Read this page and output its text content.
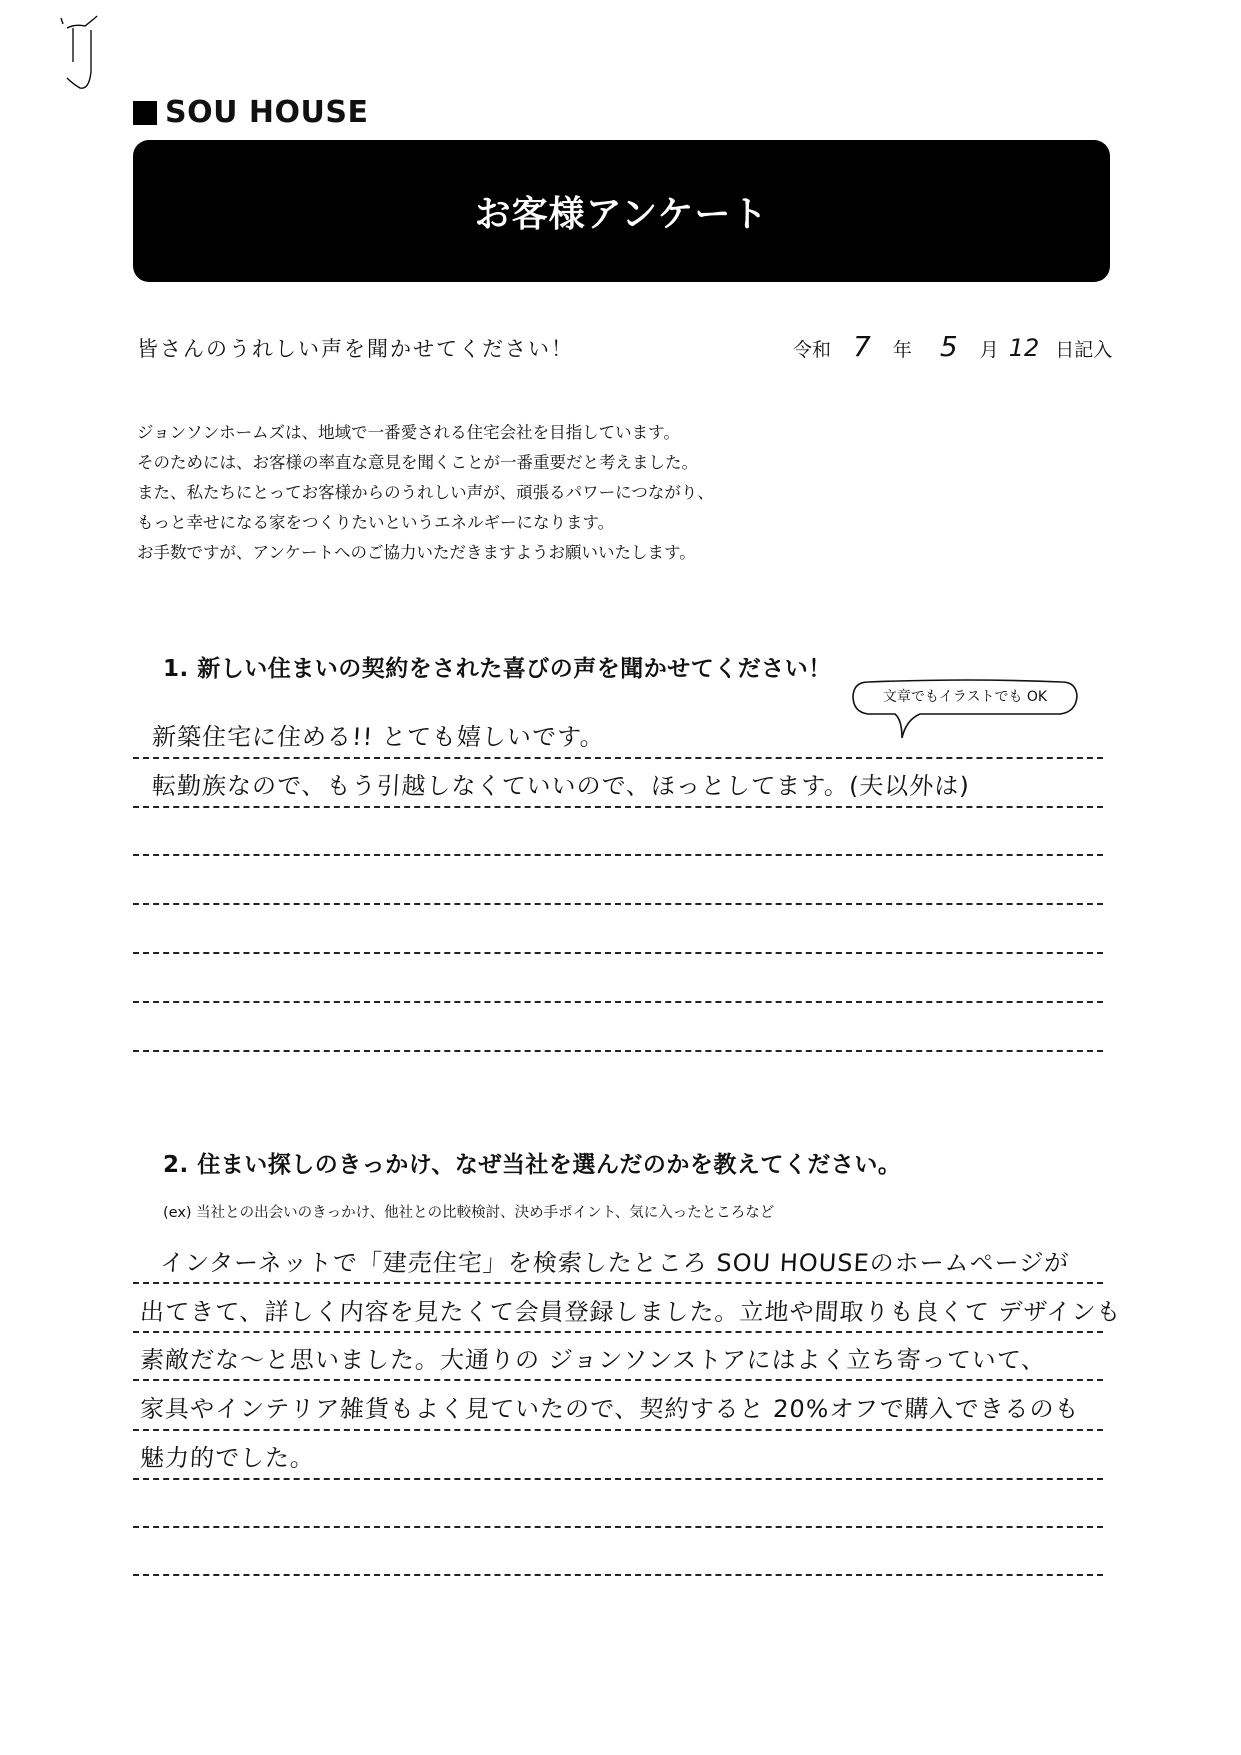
SOU HOUSE
お客様アンケート
皆さんのうれしい声を聞かせてください！	令和 7 年 5 月 12 日記入
ジョンソンホームズは、地域で一番愛される住宅会社を目指しています。
そのためには、お客様の率直な意見を聞くことが一番重要だと考えました。
また、私たちにとってお客様からのうれしい声が、頑張るパワーにつながり、
もっと幸せになる家をつくりたいというエネルギーになります。
お手数ですが、アンケートへのご協力いただきますようお願いいたします。
1. 新しい住まいの契約をされた喜びの声を聞かせてください！
文章でもイラストでも OK
新築住宅に住める!! とても嬉しいです。
転勤族なので、もう引越しなくていいので、ほっとしてます。(夫以外は)
2. 住まい探しのきっかけ、なぜ当社を選んだのかを教えてください。
(ex) 当社との出会いのきっかけ、他社との比較検討、決め手ポイント、気に入ったところなど
インターネットで「建売住宅」を検索したところ SOU HOUSEのホームページが
出てきて、詳しく内容を見たくて会員登録しました。立地や間取りも良くて デザインも
素敵だな〜と思いました。大通りの ジョンソンストアにはよく立ち寄っていて、
家具やインテリア雑貨もよく見ていたので、契約すると 20%オフで購入できるのも
魅力的でした。
